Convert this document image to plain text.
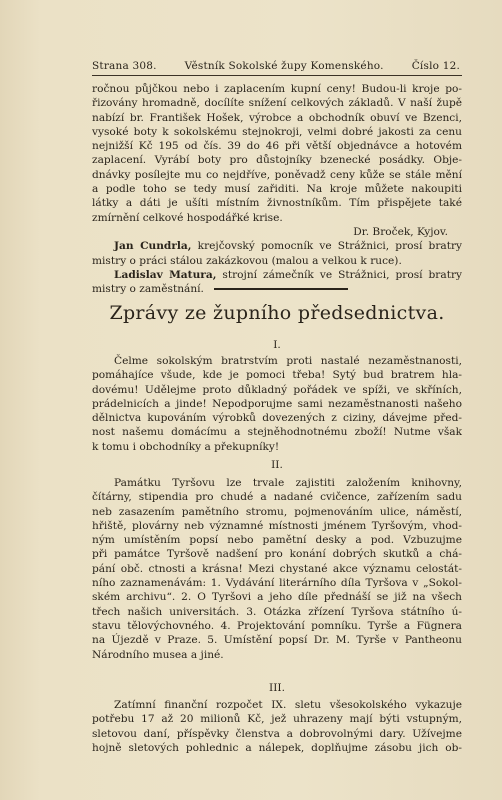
Strana 308.	Věstník Sokolské župy Komenského.	Číslo 12.
ročnou půjčkou nebo i zaplacením kupní ceny! Budou-li kroje po-
řizovány hromadně, docílíte snížení celkových základů. V naší župě
nabízí br. František Hošek, výrobce a obchodník obuví ve Bzenci,
vysoké boty k sokolskému stejnokroji, velmi dobré jakosti za cenu
nejnižší Kč 195 od čís. 39 do 46 při větší objednávce a hotovém
zaplacení. Vyrábí boty pro důstojníky bzenecké posádky. Obje-
dnávky posílejte mu co nejdříve, poněvadž ceny kůže se stále mění
a podle toho se tedy musí zařiditi. Na kroje můžete nakoupiti
látky a dáti je ušíti místním živnostníkům. Tím přispějete také
zmírnění celkové hospodářké krise.
Dr. Broček, Kyjov.
Jan Cundrla, krejčovský pomocník ve Strážnici, prosí bratry
mistry o práci stálou zakázkovou (malou a velkou k ruce).
Ladislav Matura, strojní zámečník ve Strážnici, prosí bratry
mistry o zaměstnání.
Zprávy ze župního předsednictva.
I.
Čelme sokolským bratrstvím proti nastalé nezaměstnanosti,
pomáhajíce všude, kde je pomoci třeba! Sytý bud bratrem hla-
dovému! Udělejme proto důkladný pořádek ve spíži, ve skříních,
prádelnicích a jinde! Nepodporujme sami nezaměstnanosti našeho
dělnictva kupováním výrobků dovezených z ciziny, dávejme před-
nost našemu domácímu a stejněhodnotnému zboží! Nutme však
k tomu i obchodníky a překupníky!
II.
Památku Tyršovu lze trvale zajistiti založením knihovny,
čítárny, stipendia pro chudé a nadané cvičence, zařízením sadu
neb zasazením pamětního stromu, pojmenováním ulice, náměstí,
hřiště, plovárny neb významné místnosti jménem Tyršovým, vhod-
ným umístěním popsí nebo pamětní desky a pod. Vzbuzujme
při památce Tyršově nadšení pro konání dobrých skutků a chá-
pání obč. ctnosti a krásna! Mezi chystané akce významu celostát-
ního zaznamenávám: 1. Vydávání literárního díla Tyršova v „Sokol-
ském archivu“. 2. O Tyršovi a jeho díle přednáší se již na všech
třech našich universitách. 3. Otázka zřízení Tyršova státního ú-
stavu tělovýchovného. 4. Projektování pomníku. Tyrše a Fügnera
na Újezdě v Praze. 5. Umístění popsí Dr. M. Tyrše v Pantheonu
Národního musea a jiné.
III.
Zatímní finanční rozpočet IX. sletu všesokolského vykazuje
potřebu 17 až 20 milionů Kč, jež uhrazeny mají býti vstupným,
sletovou daní, příspěvky členstva a dobrovolnými dary. Užívejme
hojně sletových pohlednic a nálepek, doplňujme zásobu jich ob-
